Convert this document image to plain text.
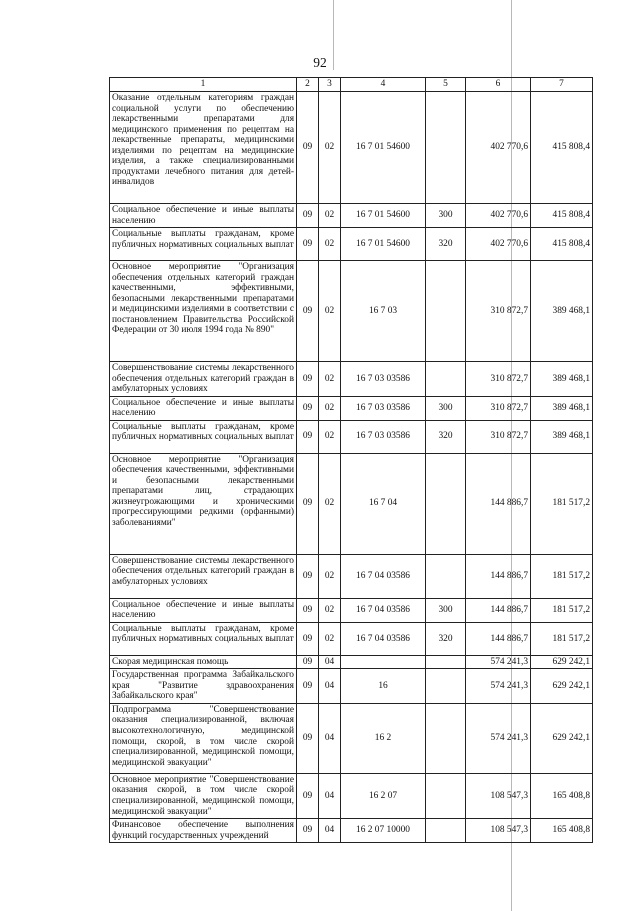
92
1	2	3	4	5	6	7
Оказание отдельным категориям граждан социальной услуги по обеспечению лекарственными препаратами для медицинского применения по рецептам на лекарственные препараты, медицинскими изделиями по рецептам на медицинские изделия, а также специализированными продуктами лечебного питания для детей-инвалидов	09	02	16 7 01 54600		402 770,6	415 808,4
Социальное обеспечение и иные выплаты населению	09	02	16 7 01 54600	300	402 770,6	415 808,4
Социальные выплаты гражданам, кроме публичных нормативных социальных выплат	09	02	16 7 01 54600	320	402 770,6	415 808,4
Основное мероприятие "Организация обеспечения отдельных категорий граждан качественными, эффективными, безопасными лекарственными препаратами и медицинскими изделиями в соответствии с постановлением Правительства Российской Федерации от 30 июля 1994 года № 890"	09	02	16 7 03		310 872,7	389 468,1
Совершенствование системы лекарственного обеспечения отдельных категорий граждан в амбулаторных условиях	09	02	16 7 03 03586		310 872,7	389 468,1
Социальное обеспечение и иные выплаты населению	09	02	16 7 03 03586	300	310 872,7	389 468,1
Социальные выплаты гражданам, кроме публичных нормативных социальных выплат	09	02	16 7 03 03586	320	310 872,7	389 468,1
Основное мероприятие "Организация обеспечения качественными, эффективными и безопасными лекарственными препаратами лиц, страдающих жизнеугрожающими и хроническими прогрессирующими редкими (орфанными) заболеваниями"	09	02	16 7 04		144 886,7	181 517,2
Совершенствование системы лекарственного обеспечения отдельных категорий граждан в амбулаторных условиях	09	02	16 7 04 03586		144 886,7	181 517,2
Социальное обеспечение и иные выплаты населению	09	02	16 7 04 03586	300	144 886,7	181 517,2
Социальные выплаты гражданам, кроме публичных нормативных социальных выплат	09	02	16 7 04 03586	320	144 886,7	181 517,2
Скорая медицинская помощь	09	04			574 241,3	629 242,1
Государственная программа Забайкальского края "Развитие здравоохранения Забайкальского края"	09	04	16		574 241,3	629 242,1
Подпрограмма "Совершенствование оказания специализированной, включая высокотехнологичную, медицинской помощи, скорой, в том числе скорой специализированной, медицинской помощи, медицинской эвакуации"	09	04	16 2		574 241,3	629 242,1
Основное мероприятие "Совершенствование оказания скорой, в том числе скорой специализированной, медицинской помощи, медицинской эвакуации"	09	04	16 2 07		108 547,3	165 408,8
Финансовое обеспечение выполнения функций государственных учреждений	09	04	16 2 07 10000		108 547,3	165 408,8
